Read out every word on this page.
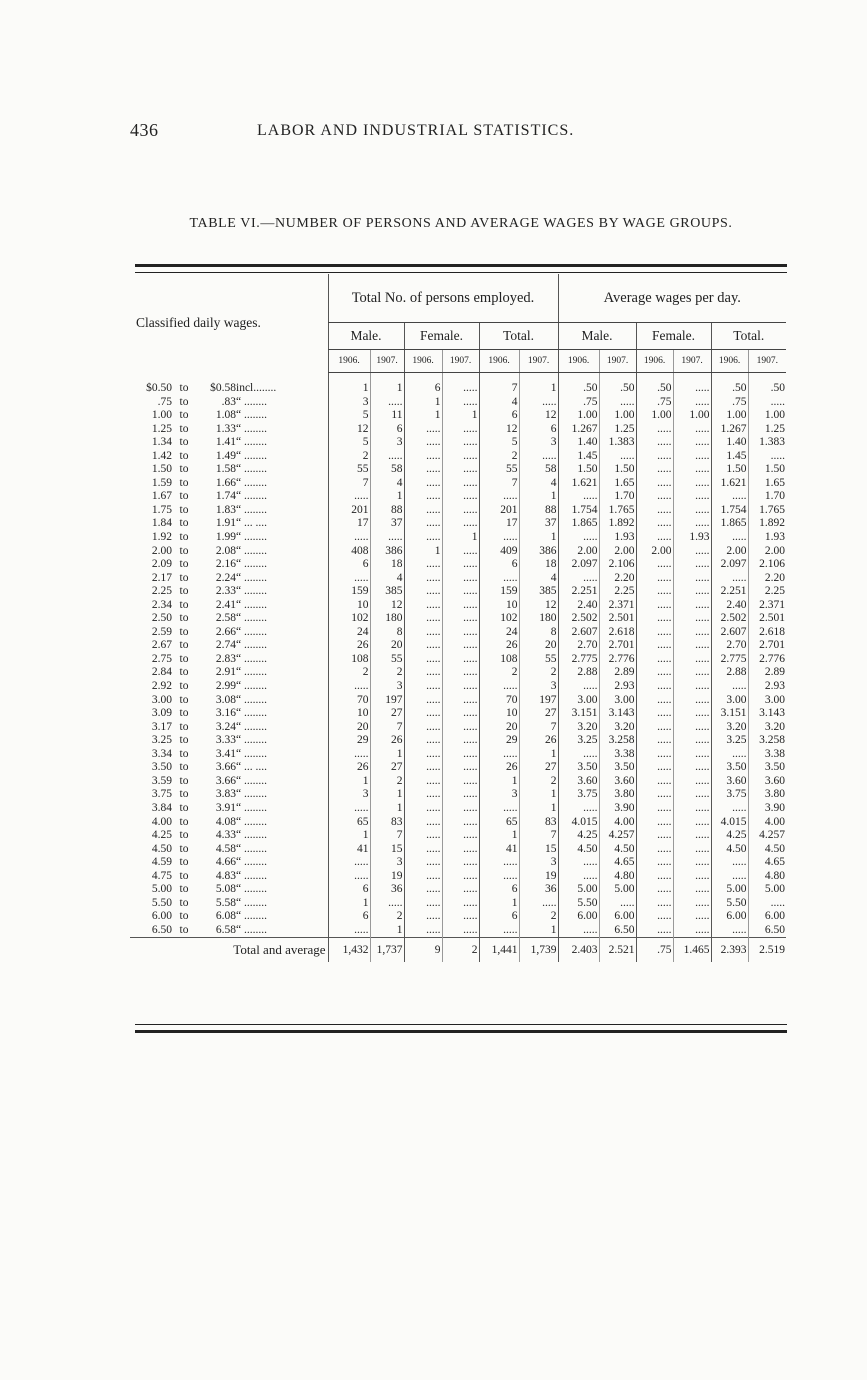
436	LABOR AND INDUSTRIAL STATISTICS.
TABLE VI.—NUMBER OF PERSONS AND AVERAGE WAGES BY WAGE GROUPS.
Classified daily wages.	Total No. of persons employed.						Average wages per day.					
	Male.		Female.		Total.		Male.		Female.		Total.	
	1906.	1907.	1906.	1907.	1906.	1907.	1906.	1907.	1906.	1907.	1906.	1907.

$0.50 to $0.58incl........	1	1	6	.....	7	1	.50	.50	.50	.....	.50	.50
.75 to .83“ ........	3	.....	1	.....	4	.....	.75	.....	.75	.....	.75	.....
1.00 to 1.08“ ........	5	11	1	1	6	12	1.00	1.00	1.00	1.00	1.00	1.00
1.25 to 1.33“ ........	12	6	.....	.....	12	6	1.267	1.25	.....	.....	1.267	1.25
1.34 to 1.41“ ........	5	3	.....	.....	5	3	1.40	1.383	.....	.....	1.40	1.383
1.42 to 1.49“ ........	2	.....	.....	.....	2	.....	1.45	.....	.....	.....	1.45	.....
1.50 to 1.58“ ........	55	58	.....	.....	55	58	1.50	1.50	.....	.....	1.50	1.50
1.59 to 1.66“ ........	7	4	.....	.....	7	4	1.621	1.65	.....	.....	1.621	1.65
1.67 to 1.74“ ........	.....	1	.....	.....	.....	1	.....	1.70	.....	.....	.....	1.70
1.75 to 1.83“ ........	201	88	.....	.....	201	88	1.754	1.765	.....	.....	1.754	1.765
1.84 to 1.91“ ... ....	17	37	.....	.....	17	37	1.865	1.892	.....	.....	1.865	1.892
1.92 to 1.99“ ........	.....	.....	.....	1	.....	1	.....	1.93	.....	1.93	.....	1.93
2.00 to 2.08“ ........	408	386	1	.....	409	386	2.00	2.00	2.00	.....	2.00	2.00
2.09 to 2.16“ ........	6	18	.....	.....	6	18	2.097	2.106	.....	.....	2.097	2.106
2.17 to 2.24“ ........	.....	4	.....	.....	.....	4	.....	2.20	.....	.....	.....	2.20
2.25 to 2.33“ ........	159	385	.....	.....	159	385	2.251	2.25	.....	.....	2.251	2.25
2.34 to 2.41“ ........	10	12	.....	.....	10	12	2.40	2.371	.....	.....	2.40	2.371
2.50 to 2.58“ ........	102	180	.....	.....	102	180	2.502	2.501	.....	.....	2.502	2.501
2.59 to 2.66“ ........	24	8	.....	.....	24	8	2.607	2.618	.....	.....	2.607	2.618
2.67 to 2.74“ ........	26	20	.....	.....	26	20	2.70	2.701	.....	.....	2.70	2.701
2.75 to 2.83“ ........	108	55	.....	.....	108	55	2.775	2.776	.....	.....	2.775	2.776
2.84 to 2.91“ ........	2	2	.....	.....	2	2	2.88	2.89	.....	.....	2.88	2.89
2.92 to 2.99“ ........	.....	3	.....	.....	.....	3	.....	2.93	.....	.....	.....	2.93
3.00 to 3.08“ ........	70	197	.....	.....	70	197	3.00	3.00	.....	.....	3.00	3.00
3.09 to 3.16“ ........	10	27	.....	.....	10	27	3.151	3.143	.....	.....	3.151	3.143
3.17 to 3.24“ ........	20	7	.....	.....	20	7	3.20	3.20	.....	.....	3.20	3.20
3.25 to 3.33“ ........	29	26	.....	.....	29	26	3.25	3.258	.....	.....	3.25	3.258
3.34 to 3.41“ ........	.....	1	.....	.....	.....	1	.....	3.38	.....	.....	.....	3.38
3.50 to 3.66“ ... ....	26	27	.....	.....	26	27	3.50	3.50	.....	.....	3.50	3.50
3.59 to 3.66“ ........	1	2	.....	.....	1	2	3.60	3.60	.....	.....	3.60	3.60
3.75 to 3.83“ ........	3	1	.....	.....	3	1	3.75	3.80	.....	.....	3.75	3.80
3.84 to 3.91“ ........	.....	1	.....	.....	.....	1	.....	3.90	.....	.....	.....	3.90
4.00 to 4.08“ ........	65	83	.....	.....	65	83	4.015	4.00	.....	.....	4.015	4.00
4.25 to 4.33“ ........	1	7	.....	.....	1	7	4.25	4.257	.....	.....	4.25	4.257
4.50 to 4.58“ ........	41	15	.....	.....	41	15	4.50	4.50	.....	.....	4.50	4.50
4.59 to 4.66“ ........	.....	3	.....	.....	.....	3	.....	4.65	.....	.....	.....	4.65
4.75 to 4.83“ ........	.....	19	.....	.....	.....	19	.....	4.80	.....	.....	.....	4.80
5.00 to 5.08“ ........	6	36	.....	.....	6	36	5.00	5.00	.....	.....	5.00	5.00
5.50 to 5.58“ ........	1	.....	.....	.....	1	.....	5.50	.....	.....	.....	5.50	.....
6.00 to 6.08“ ........	6	2	.....	.....	6	2	6.00	6.00	.....	.....	6.00	6.00
6.50 to 6.58“ ........	.....	1	.....	.....	.....	1	.....	6.50	.....	.....	.....	6.50
Total and average	1,432	1,737	9	2	1,441	1,739	2.403	2.521	.75	1.465	2.393	2.519
